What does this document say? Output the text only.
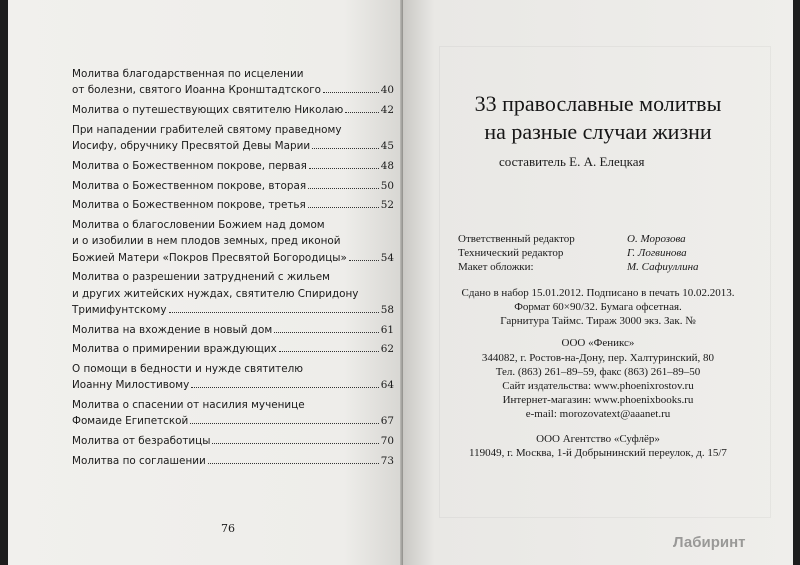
Молитва благодарственная по исцелении
от болезни, святого Иоанна Кронштадтского	40
Молитва о путешествующих святителю Николаю	42
При нападении грабителей святому праведному
Иосифу, обручнику Пресвятой Девы Марии	45
Молитва о Божественном покрове, первая	48
Молитва о Божественном покрове, вторая	50
Молитва о Божественном покрове, третья	52
Молитва о благословении Божием над домом
и о изобилии в нем плодов земных, пред иконой
Божией Матери «Покров Пресвятой Богородицы»	54
Молитва о разрешении затруднений с жильем
и других житейских нуждах, святителю Спиридону
Тримифунтскому	58
Молитва на вхождение в новый дом	61
Молитва о примирении враждующих	62
О помощи в бедности и нужде святителю
Иоанну Милостивому	64
Молитва о спасении от насилия мученице
Фомаиде Египетской	67
Молитва от безработицы	70
Молитва по соглашении	73
76
33 православные молитвы
на разные случаи жизни
составитель Е. А. Елецкая
Ответственный редактор	О. Морозова
Технический редактор	Г. Логвинова
Макет обложки:	М. Сафиуллина
Сдано в набор 15.01.2012. Подписано в печать 10.02.2013.
Формат 60×90/32. Бумага офсетная.
Гарнитура Таймс. Тираж 3000 экз. Зак. №
ООО «Феникс»
344082, г. Ростов-на-Дону, пер. Халтуринский, 80
Тел. (863) 261–89–59, факс (863) 261–89–50
Сайт издательства: www.phoenixrostov.ru
Интернет-магазин: www.phoenixbooks.ru
e-mail: morozovatext@aaanet.ru
ООО Агентство «Суфлёр»
119049, г. Москва, 1-й Добрынинский переулок, д. 15/7
Лабиринт
